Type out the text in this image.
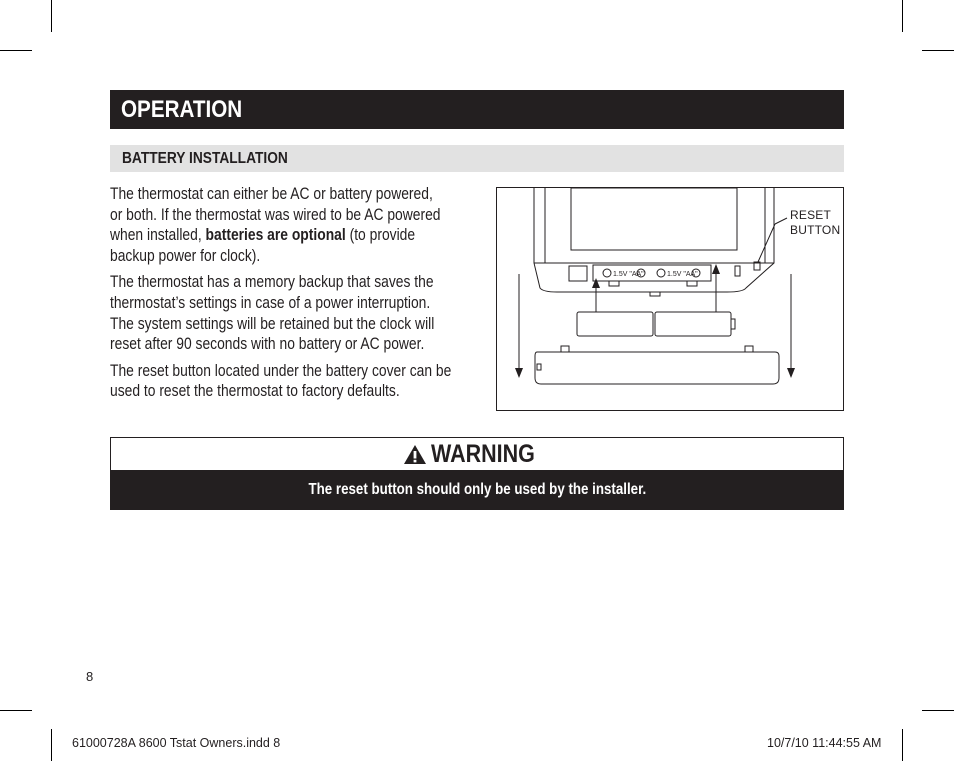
OPERATION
BATTERY INSTALLATION

The thermostat can either be AC or battery powered,
or both. If the thermostat was wired to be AC powered
when installed, batteries are optional (to provide
backup power for clock).

The thermostat has a memory backup that saves the
thermostat’s settings in case of a power interruption.
The system settings will be retained but the clock will
reset after 90 seconds with no battery or AC power.

The reset button located under the battery cover can be
used to reset the thermostat to factory defaults.

1.5V "AA"	1.5V "AA"
RESET
BUTTON
WARNING
The reset button should only be used by the installer.
8
61000728A 8600 Tstat Owners.indd 8	10/7/10 11:44:55 AM
